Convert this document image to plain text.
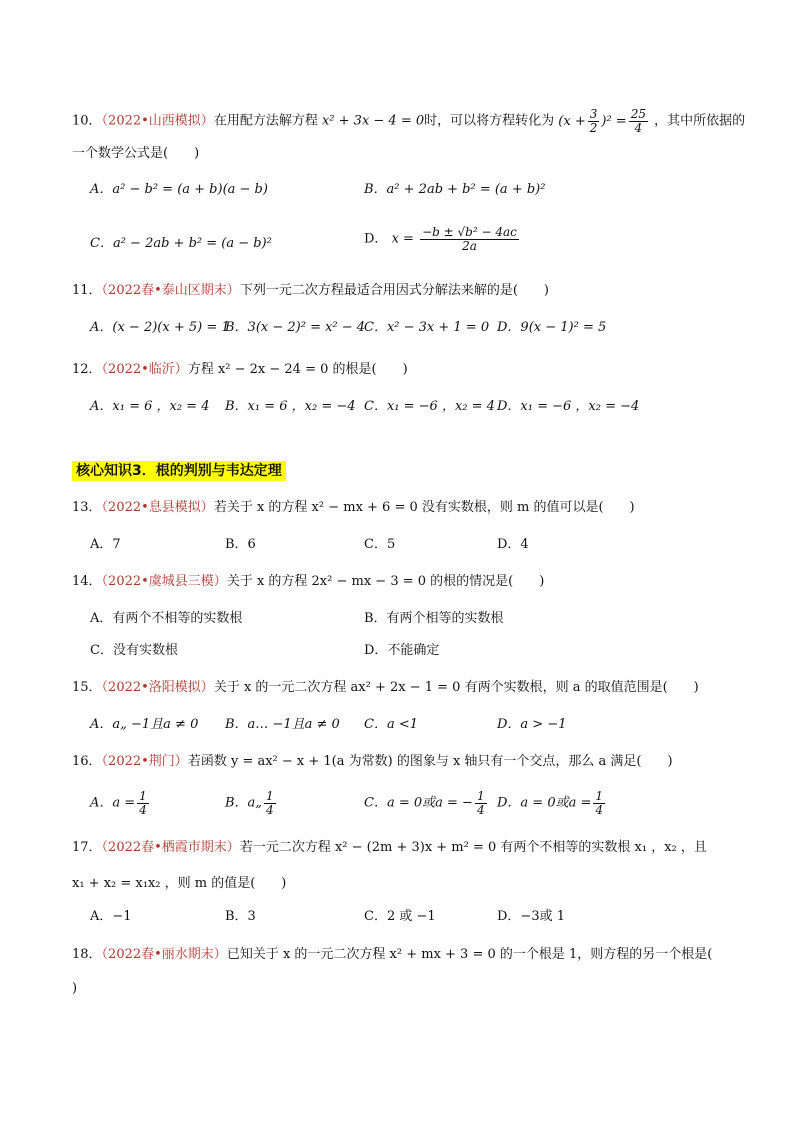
10．（2022•山西模拟）在用配方法解方程 x² + 3x − 4 = 0时，可以将方程转化为 $(x + \frac{3}{2} )^2 = \frac{25}{4}$ ，其中所依据的
一个数学公式是(　　)
A．a² − b² = (a + b)(a − b)	B．a² + 2ab + b² = (a + b)²
C．a² − 2ab + b² = (a − b)²	D． $x = \frac{\text{−b ± √b² − 4ac}}{2a}$
11．（2022春•泰山区期末）下列一元二次方程最适合用因式分解法来解的是(　　)
A．(x − 2)(x + 5) = 1
B．3(x − 2)² = x² − 4
C．x² − 3x + 1 = 0 D．9(x − 1)² = 5
12．（2022•临沂）方程 x² − 2x − 24 = 0 的根是(　　)
A．x₁ = 6 ，x₂ = 4 B．x₁ = 6 ，x₂ = −4 C．x₁ = −6 ，x₂ = 4 D．x₁ = −6 ，x₂ = −4
核心知识3．根的判别与韦达定理
13．（2022•息县模拟）若关于 x 的方程 x² − mx + 6 = 0 没有实数根，则 m 的值可以是(　　)
A．7	B．6	C．5	D．4
14．（2022•虞城县三模）关于 x 的方程 2x² − mx − 3 = 0 的根的情况是(　　)
A．有两个不相等的实数根	B．有两个相等的实数根
C．没有实数根	D．不能确定
15．（2022•洛阳模拟）关于 x 的一元二次方程 ax² + 2x − 1 = 0 有两个实数根，则 a 的取值范围是(　　)
A．a„ −1且a ≠ 0 B．a… −1且a ≠ 0 C．a <1	D．a > −1
16．（2022•荆门）若函数 y = ax² − x + 1(a 为常数) 的图象与 x 轴只有一个交点，那么 a 满足(　　)
A．$a = \frac{1}{4}$	B．a„ $\frac{1}{4}$	C．a = 0或a = − $\frac{1}{4}$ D．a = 0或$a = \frac{1}{4}$
17．（2022春•栖霞市期末）若一元二次方程 x² − (2m + 3)x + m² = 0 有两个不相等的实数根 x₁ ，x₂ ，且
x₁ + x₂ = x₁x₂ ，则 m 的值是(　　)
A．−1	B．3	C．2 或 −1	D．−3或 1
18．（2022春•丽水期末）已知关于 x 的一元二次方程 x² + mx + 3 = 0 的一个根是 1，则方程的另一个根是(
)
